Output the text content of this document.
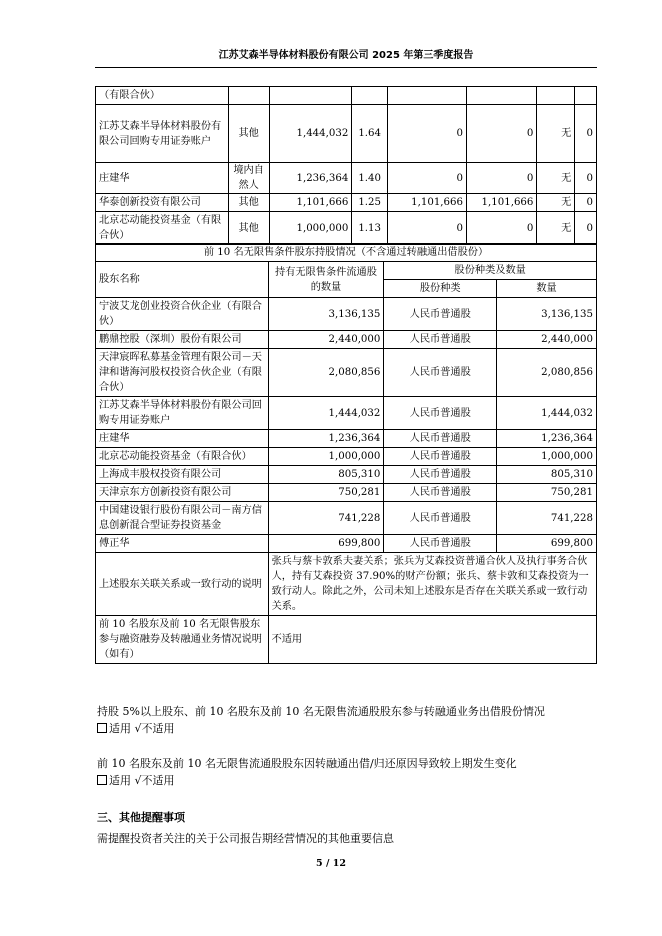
江苏艾森半导体材料股份有限公司 2025 年第三季度报告
（有限合伙）							
江苏艾森半导体材料股份有限公司回购专用证券账户	其他	1,444,032	1.64	0	0	无	0
庄建华	境内自然人	1,236,364	1.40	0	0	无	0
华泰创新投资有限公司	其他	1,101,666	1.25	1,101,666	1,101,666	无	0
北京芯动能投资基金（有限合伙）	其他	1,000,000	1.13	0	0	无	0
前 10 名无限售条件股东持股情况（不含通过转融通出借股份）			
股东名称	持有无限售条件流通股的数量	股份种类及数量	
		股份种类	数量
宁波艾龙创业投资合伙企业（有限合伙）	3,136,135	人民币普通股	3,136,135
鹏鼎控股（深圳）股份有限公司	2,440,000	人民币普通股	2,440,000
天津宸晖私募基金管理有限公司－天津和谐海河股权投资合伙企业（有限合伙）	2,080,856	人民币普通股	2,080,856
江苏艾森半导体材料股份有限公司回购专用证券账户	1,444,032	人民币普通股	1,444,032
庄建华	1,236,364	人民币普通股	1,236,364
北京芯动能投资基金（有限合伙）	1,000,000	人民币普通股	1,000,000
上海成丰股权投资有限公司	805,310	人民币普通股	805,310
天津京东方创新投资有限公司	750,281	人民币普通股	750,281
中国建设银行股份有限公司－南方信息创新混合型证券投资基金	741,228	人民币普通股	741,228
傅正华	699,800	人民币普通股	699,800
上述股东关联关系或一致行动的说明	张兵与蔡卡敦系夫妻关系；张兵为艾森投资普通合伙人及执行事务合伙人，持有艾森投资 37.90%的财产份额；张兵、蔡卡敦和艾森投资为一致行动人。除此之外，公司未知上述股东是否存在关联关系或一致行动关系。		
前 10 名股东及前 10 名无限售股东参与融资融券及转融通业务情况说明（如有）	不适用		
持股 5%以上股东、前 10 名股东及前 10 名无限售流通股股东参与转融通业务出借股份情况
适用 √不适用
前 10 名股东及前 10 名无限售流通股股东因转融通出借/归还原因导致较上期发生变化
适用 √不适用
三、其他提醒事项
需提醒投资者关注的关于公司报告期经营情况的其他重要信息
5 / 12
